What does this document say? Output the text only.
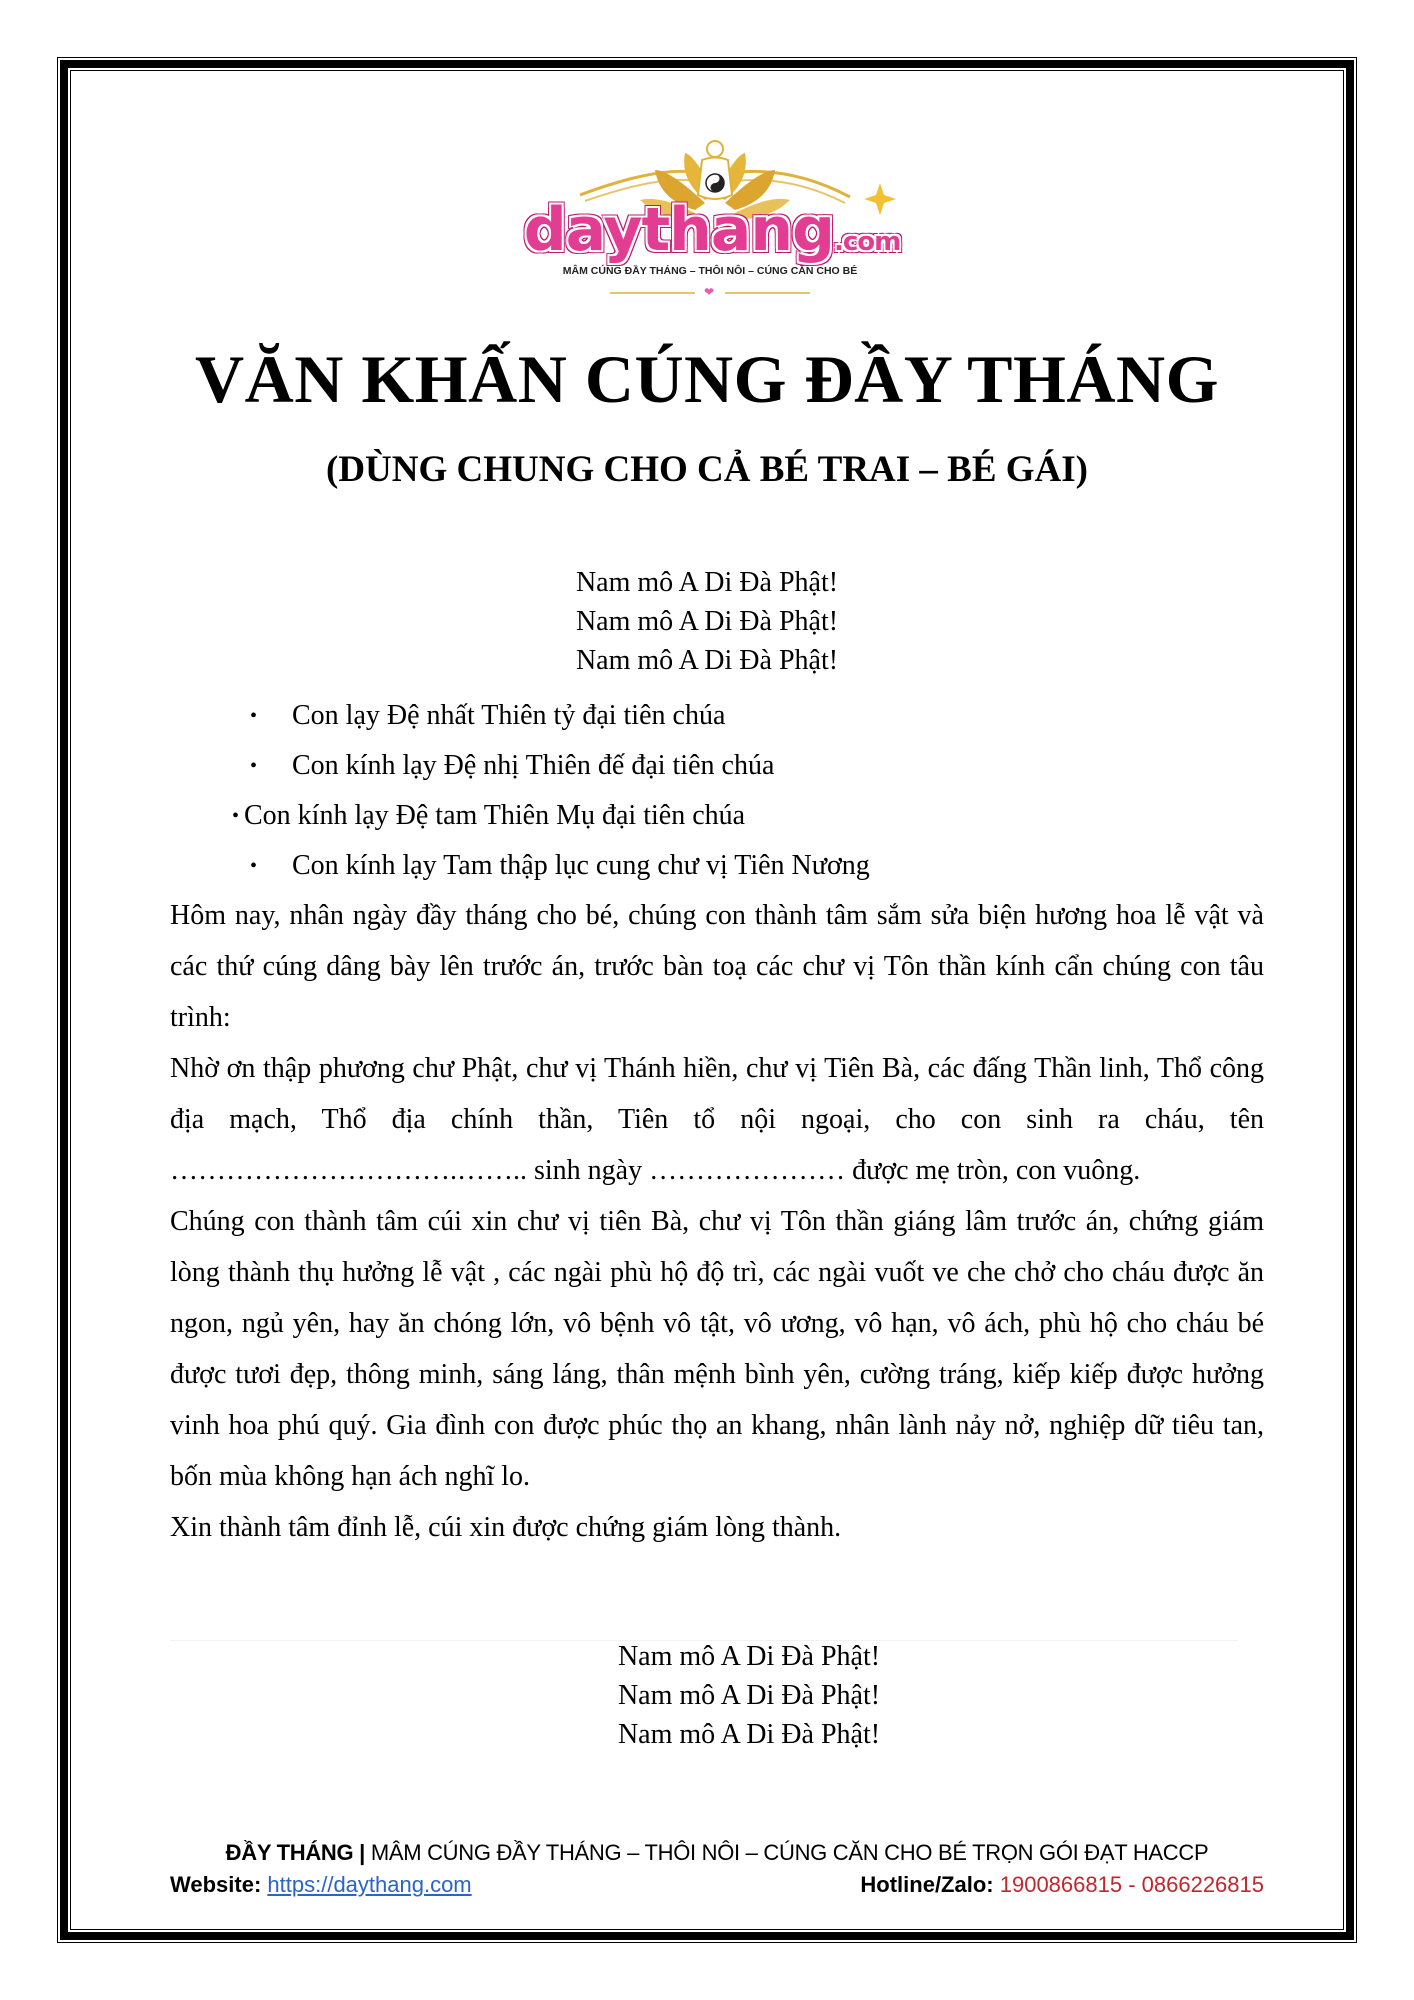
daythang.com
MÂM CÚNG ĐẦY THÁNG – THÔI NÔI – CÚNG CĂN CHO BÉ
❤
VĂN KHẤN CÚNG ĐẦY THÁNG
(DÙNG CHUNG CHO CẢ BÉ TRAI – BÉ GÁI)
Nam mô A Di Đà Phật!
Nam mô A Di Đà Phật!
Nam mô A Di Đà Phật!
• Con lạy Đệ nhất Thiên tỷ đại tiên chúa
• Con kính lạy Đệ nhị Thiên đế đại tiên chúa
• Con kính lạy Đệ tam Thiên Mụ đại tiên chúa
• Con kính lạy Tam thập lục cung chư vị Tiên Nương

Hôm nay, nhân ngày đầy tháng cho bé, chúng con thành tâm sắm sửa biện hương hoa lễ vật và các thứ cúng dâng bày lên trước án, trước bàn toạ các chư vị Tôn thần kính cẩn chúng con tâu trình:

Nhờ ơn thập phương chư Phật, chư vị Thánh hiền, chư vị Tiên Bà, các đấng Thần linh, Thổ công địa mạch, Thổ địa chính thần, Tiên tổ nội ngoại, cho con sinh ra cháu, tên ………………………….…….. sinh ngày ………………… được mẹ tròn, con vuông.

Chúng con thành tâm cúi xin chư vị tiên Bà, chư vị Tôn thần giáng lâm trước án, chứng giám lòng thành thụ hưởng lễ vật , các ngài phù hộ độ trì, các ngài vuốt ve che chở cho cháu được ăn ngon, ngủ yên, hay ăn chóng lớn, vô bệnh vô tật, vô ương, vô hạn, vô ách, phù hộ cho cháu bé được tươi đẹp, thông minh, sáng láng, thân mệnh bình yên, cường tráng, kiếp kiếp được hưởng vinh hoa phú quý. Gia đình con được phúc thọ an khang, nhân lành nảy nở, nghiệp dữ tiêu tan, bốn mùa không hạn ách nghĩ lo.

Xin thành tâm đỉnh lễ, cúi xin được chứng giám lòng thành.

Nam mô A Di Đà Phật!
Nam mô A Di Đà Phật!
Nam mô A Di Đà Phật!
ĐẦY THÁNG | MÂM CÚNG ĐẦY THÁNG – THÔI NÔI – CÚNG CĂN CHO BÉ TRỌN GÓI ĐẠT HACCP
Website: https://daythang.com	Hotline/Zalo: 1900866815 - 0866226815
